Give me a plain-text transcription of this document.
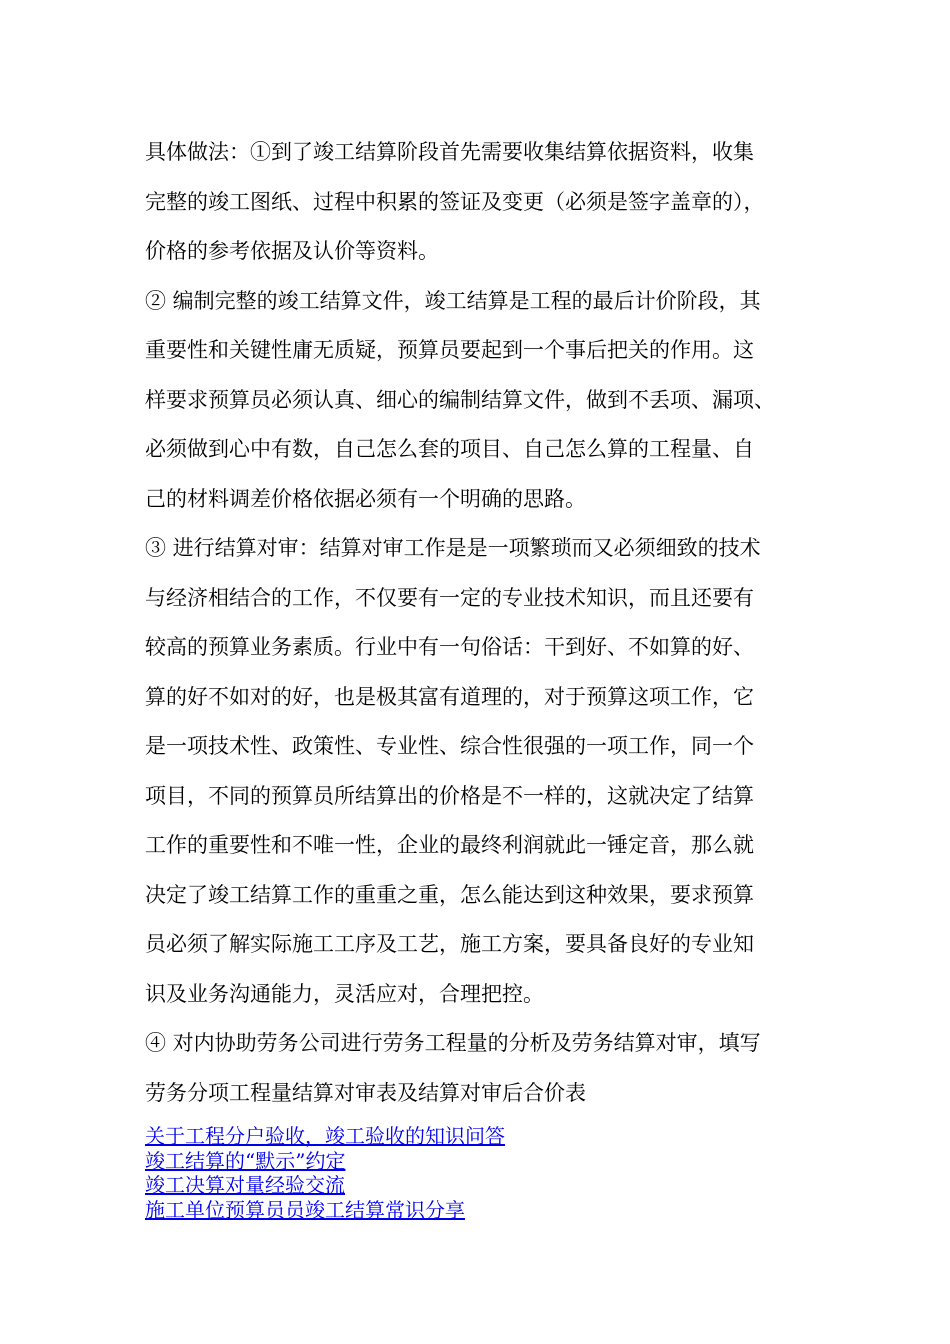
具体做法：①到了竣工结算阶段首先需要收集结算依据资料，收集

完整的竣工图纸、过程中积累的签证及变更（必须是签字盖章的），

价格的参考依据及认价等资料。

② 编制完整的竣工结算文件，竣工结算是工程的最后计价阶段，其

重要性和关键性庸无质疑，预算员要起到一个事后把关的作用。这

样要求预算员必须认真、细心的编制结算文件，做到不丢项、漏项、

必须做到心中有数，自己怎么套的项目、自己怎么算的工程量、自

己的材料调差价格依据必须有一个明确的思路。

③ 进行结算对审：结算对审工作是是一项繁琐而又必须细致的技术

与经济相结合的工作，不仅要有一定的专业技术知识，而且还要有

较高的预算业务素质。行业中有一句俗话：干到好、不如算的好、

算的好不如对的好，也是极其富有道理的，对于预算这项工作，它

是一项技术性、政策性、专业性、综合性很强的一项工作，同一个

项目，不同的预算员所结算出的价格是不一样的，这就决定了结算

工作的重要性和不唯一性，企业的最终利润就此一锤定音，那么就

决定了竣工结算工作的重重之重，怎么能达到这种效果，要求预算

员必须了解实际施工工序及工艺，施工方案，要具备良好的专业知

识及业务沟通能力，灵活应对，合理把控。

④ 对内协助劳务公司进行劳务工程量的分析及劳务结算对审，填写

劳务分项工程量结算对审表及结算对审后合价表

关于工程分户验收，竣工验收的知识问答
竣工结算的“默示”约定
竣工决算对量经验交流
施工单位预算员员竣工结算常识分享
